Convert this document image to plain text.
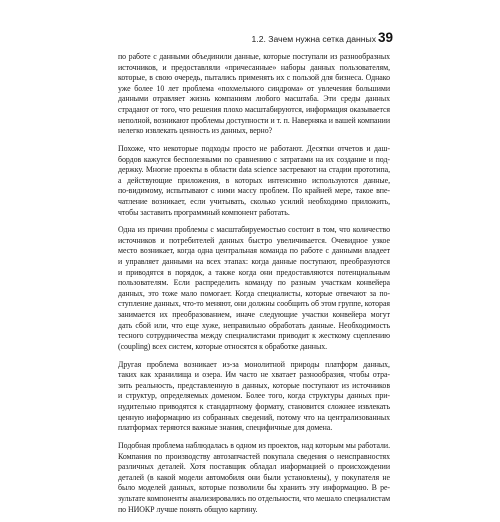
1.2. Зачем нужна сетка данных 39
по работе с данными объединили данные, которые поступали из разнообразных
источников, и предоставляли «причесанные» наборы данных пользователям,
которые, в свою очередь, пытались применять их с пользой для бизнеса. Однако
уже более 10 лет проблема «похмельного синдрома» от увлечения большими
данными отравляет жизнь компаниям любого масштаба. Эти среды данных
страдают от того, что решения плохо масштабируются, информация оказывается
неполной, возникают проблемы доступности и т. п. Наверняка и вашей компании
нелегко извлекать ценность из данных, верно?
Похоже, что некоторые подходы просто не работают. Десятки отчетов и даш-
бордов кажутся бесполезными по сравнению с затратами на их создание и под-
держку. Многие проекты в области data science застревают на стадии прототипа,
а действующие приложения, в которых интенсивно используются данные,
по-видимому, испытывают с ними массу проблем. По крайней мере, такое впе-
чатление возникает, если учитывать, сколько усилий необходимо приложить,
чтобы заставить программный компонент работать.
Одна из причин проблемы с масштабируемостью состоит в том, что количество
источников и потребителей данных быстро увеличивается. Очевидное узкое
место возникает, когда одна центральная команда по работе с данными владеет
и управляет данными на всех этапах: когда данные поступают, преобразуются
и приводятся в порядок, а также когда они предоставляются потенциальным
пользователям. Если распределить команду по разным участкам конвейера
данных, это тоже мало помогает. Когда специалисты, которые отвечают за по-
ступление данных, что-то меняют, они должны сообщить об этом группе, которая
занимается их преобразованием, иначе следующие участки конвейера могут
дать сбой или, что еще хуже, неправильно обработать данные. Необходимость
тесного сотрудничества между специалистами приводит к жесткому сцеплению
(coupling) всех систем, которые относятся к обработке данных.
Другая проблема возникает из-за монолитной природы платформ данных,
таких как хранилища и озера. Им часто не хватает разнообразия, чтобы отра-
зить реальность, представленную в данных, которые поступают из источников
и структур, определяемых доменом. Более того, когда структуры данных при-
нудительно приводятся к стандартному формату, становится сложнее извлекать
ценную информацию из собранных сведений, потому что на централизованных
платформах теряются важные знания, специфичные для домена.
Подобная проблема наблюдалась в одном из проектов, над которым мы работали.
Компания по производству автозапчастей покупала сведения о неисправностях
различных деталей. Хотя поставщик обладал информацией о происхождении
деталей (в какой модели автомобиля они были установлены), у покупателя не
было моделей данных, которые позволили бы хранить эту информацию. В ре-
зультате компоненты анализировались по отдельности, что мешало специалистам
по НИОКР лучше понять общую картину.
